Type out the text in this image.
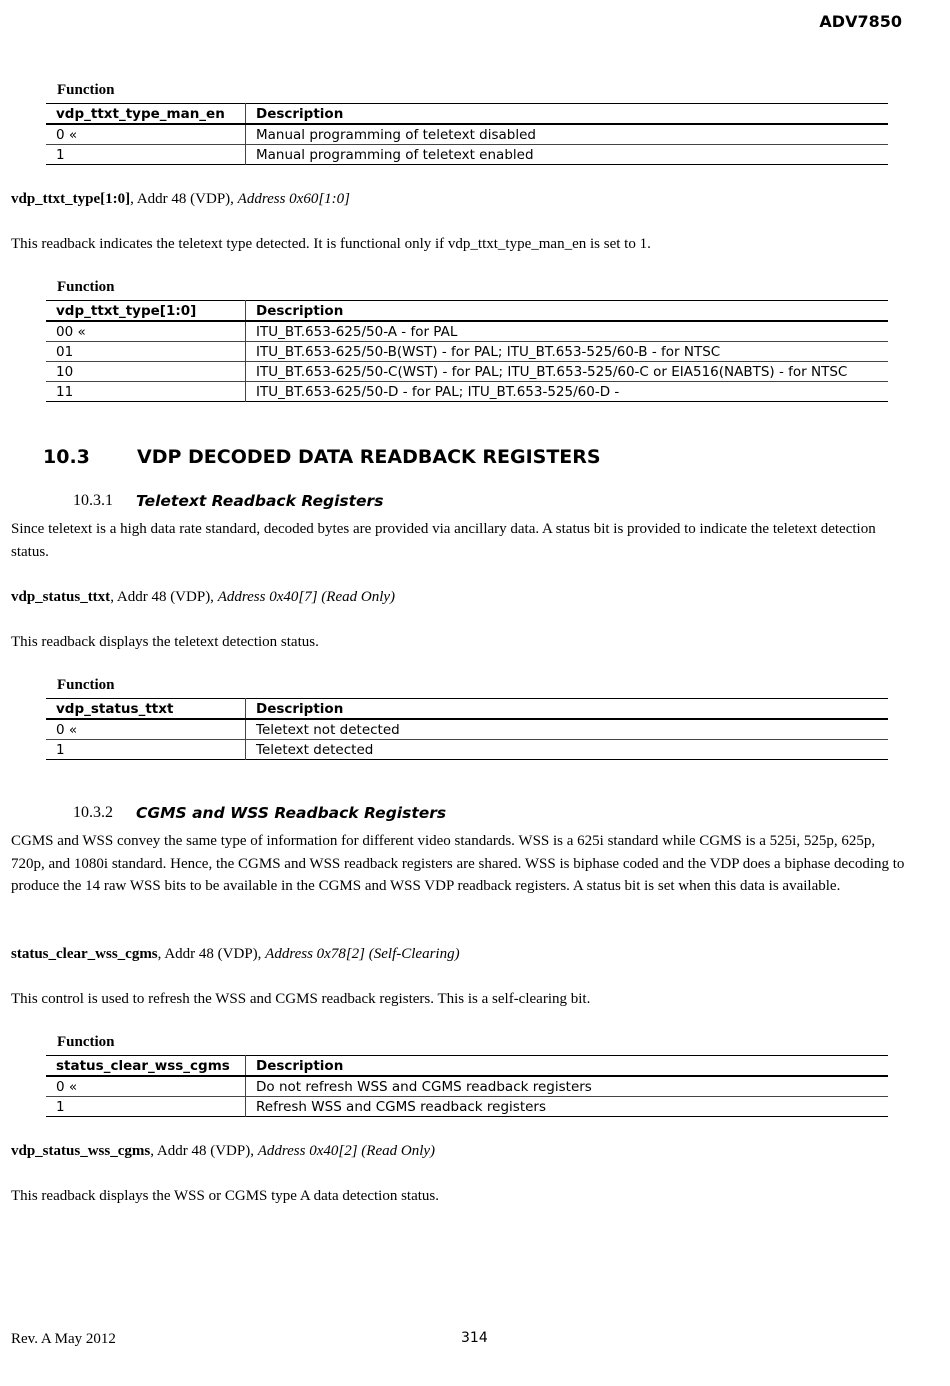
ADV7850
Function
vdp_ttxt_type_man_en	Description
0 «	Manual programming of teletext disabled
1	Manual programming of teletext enabled
vdp_ttxt_type[1:0], Addr 48 (VDP), Address 0x60[1:0]
This readback indicates the teletext type detected. It is functional only if vdp_ttxt_type_man_en is set to 1.
Function
vdp_ttxt_type[1:0]	Description
00 «	ITU_BT.653-625/50-A - for PAL
01	ITU_BT.653-625/50-B(WST) - for PAL; ITU_BT.653-525/60-B - for NTSC
10	ITU_BT.653-625/50-C(WST) - for PAL; ITU_BT.653-525/60-C or EIA516(NABTS) - for NTSC
11	ITU_BT.653-625/50-D - for PAL; ITU_BT.653-525/60-D -
10.3 VDP DECODED DATA READBACK REGISTERS
10.3.1 Teletext Readback Registers
Since teletext is a high data rate standard, decoded bytes are provided via ancillary data. A status bit is provided to indicate the teletext detection status.
vdp_status_ttxt, Addr 48 (VDP), Address 0x40[7] (Read Only)
This readback displays the teletext detection status.
Function
vdp_status_ttxt	Description
0 «	Teletext not detected
1	Teletext detected
10.3.2 CGMS and WSS Readback Registers
CGMS and WSS convey the same type of information for different video standards. WSS is a 625i standard while CGMS is a 525i, 525p, 625p, 720p, and 1080i standard. Hence, the CGMS and WSS readback registers are shared. WSS is biphase coded and the VDP does a biphase decoding to produce the 14 raw WSS bits to be available in the CGMS and WSS VDP readback registers. A status bit is set when this data is available.
status_clear_wss_cgms, Addr 48 (VDP), Address 0x78[2] (Self-Clearing)
This control is used to refresh the WSS and CGMS readback registers. This is a self-clearing bit.
Function
status_clear_wss_cgms	Description
0 «	Do not refresh WSS and CGMS readback registers
1	Refresh WSS and CGMS readback registers
vdp_status_wss_cgms, Addr 48 (VDP), Address 0x40[2] (Read Only)
This readback displays the WSS or CGMS type A data detection status.
Rev. A May 2012	314
